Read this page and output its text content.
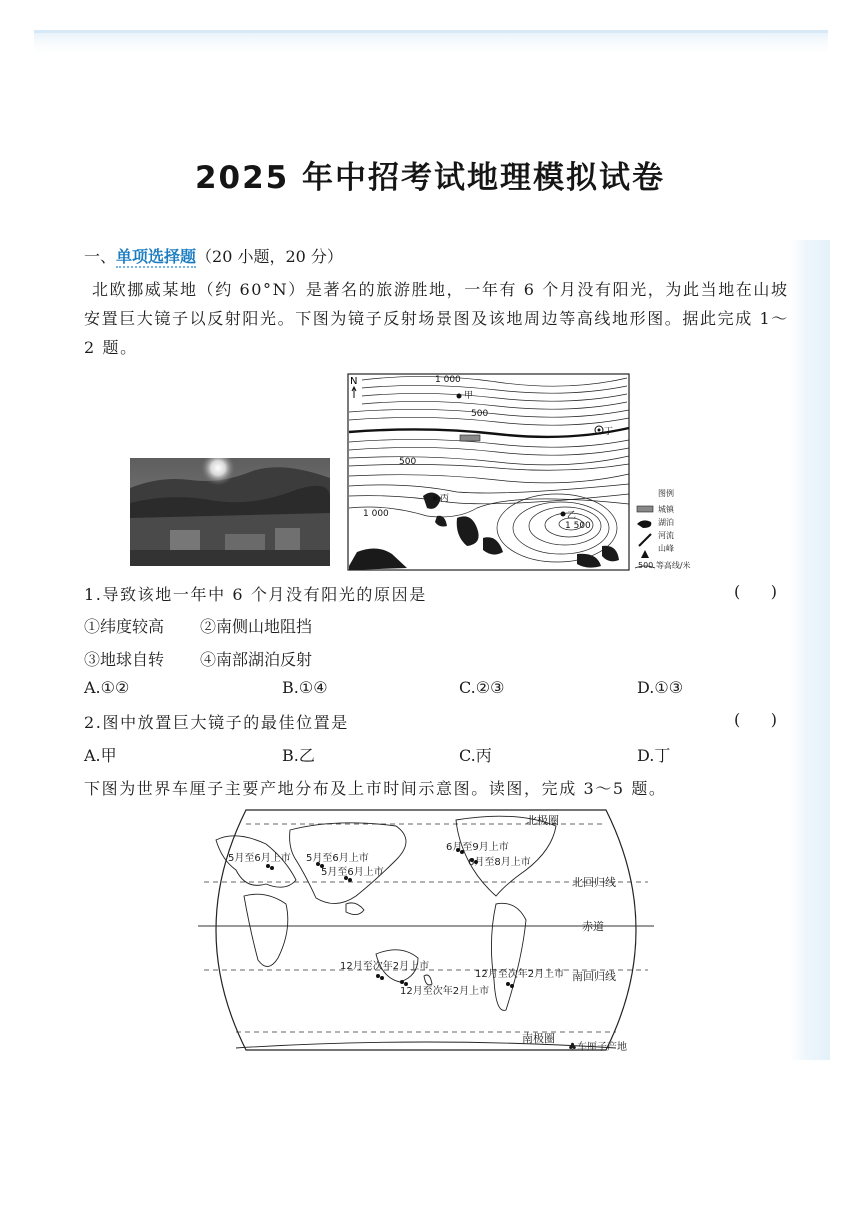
2025 年中招考试地理模拟试卷
一、单项选择题（20 小题，20 分）
北欧挪威某地（约 60°N）是著名的旅游胜地，一年有 6 个月没有阳光，为此当地在山坡安置巨大镜子以反射阳光。下图为镜子反射场景图及该地周边等高线地形图。据此完成 1～2 题。
N	1 000
甲
500
丁
500
丙
1 000	乙
1 500
图例
城镇
湖泊
河流
山峰
500 等高线/米
1.导致该地一年中 6 个月没有阳光的原因是	(      )
①纬度较高 ②南侧山地阻挡
③地球自转 ④南部湖泊反射
A.①②	B.①④	C.②③	D.①③
2.图中放置巨大镜子的最佳位置是	(      )
A.甲	B.乙	C.丙	D.丁
下图为世界车厘子主要产地分布及上市时间示意图。读图，完成 3～5 题。
5月至6月上市 5月至6月上市
5月至6月上市
6月至9月上市
6月至8月上市
12月至次年2月上市
12月至次年2月上市
12月至次年2月上市
北极圈
北回归线
赤道
南回归线
南极圈
♣车厘子产地
